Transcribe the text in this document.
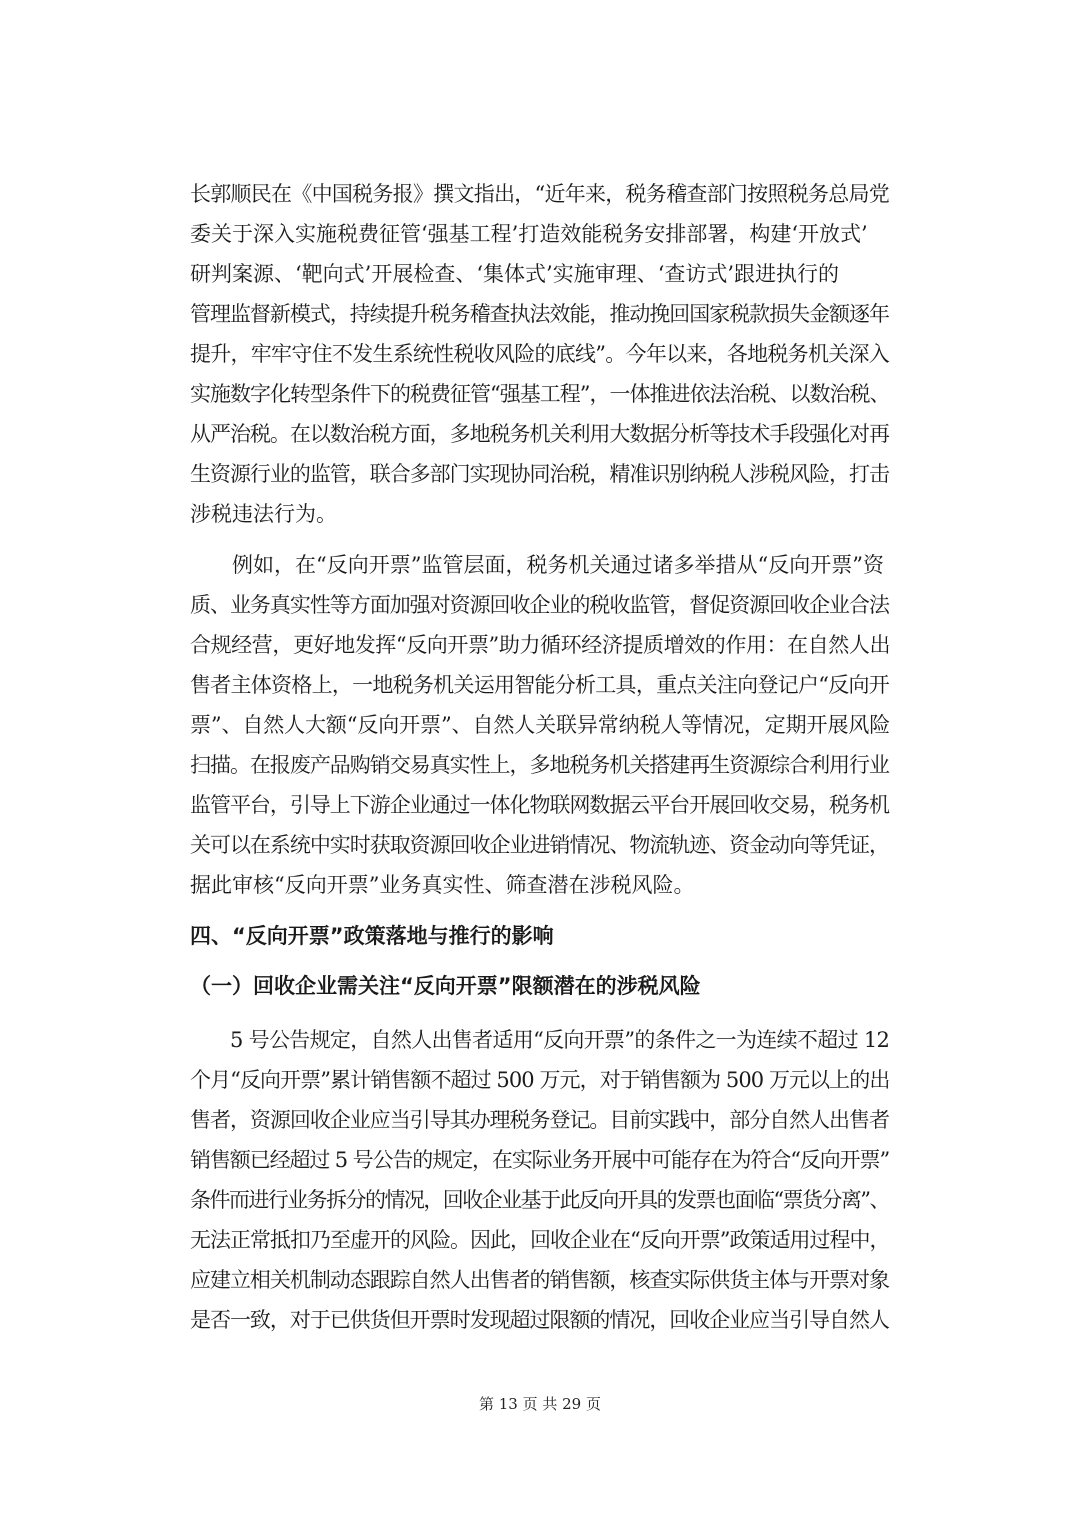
长郭顺民在《中国税务报》撰文指出，“近年来，税务稽查部门按照税务总局党
委关于深入实施税费征管‘强基工程’打造效能税务安排部署，构建‘开放式’
研判案源、‘靶向式’开展检查、‘集体式’实施审理、‘查访式’跟进执行的
管理监督新模式，持续提升税务稽查执法效能，推动挽回国家税款损失金额逐年
提升，牢牢守住不发生系统性税收风险的底线”。今年以来，各地税务机关深入
实施数字化转型条件下的税费征管“强基工程”，一体推进依法治税、以数治税、
从严治税。在以数治税方面，多地税务机关利用大数据分析等技术手段强化对再
生资源行业的监管，联合多部门实现协同治税，精准识别纳税人涉税风险，打击
涉税违法行为。
例如，在“反向开票”监管层面，税务机关通过诸多举措从“反向开票”资
质、业务真实性等方面加强对资源回收企业的税收监管，督促资源回收企业合法
合规经营，更好地发挥“反向开票”助力循环经济提质增效的作用：在自然人出
售者主体资格上，一地税务机关运用智能分析工具，重点关注向登记户“反向开
票”、自然人大额“反向开票”、自然人关联异常纳税人等情况，定期开展风险
扫描。在报废产品购销交易真实性上，多地税务机关搭建再生资源综合利用行业
监管平台，引导上下游企业通过一体化物联网数据云平台开展回收交易，税务机
关可以在系统中实时获取资源回收企业进销情况、物流轨迹、资金动向等凭证，
据此审核“反向开票”业务真实性、筛查潜在涉税风险。
四、“反向开票”政策落地与推行的影响
（一）回收企业需关注“反向开票”限额潜在的涉税风险
5 号公告规定，自然人出售者适用“反向开票”的条件之一为连续不超过 12
个月“反向开票”累计销售额不超过 500 万元，对于销售额为 500 万元以上的出
售者，资源回收企业应当引导其办理税务登记。目前实践中，部分自然人出售者
销售额已经超过 5 号公告的规定，在实际业务开展中可能存在为符合“反向开票”
条件而进行业务拆分的情况，回收企业基于此反向开具的发票也面临“票货分离”、
无法正常抵扣乃至虚开的风险。因此，回收企业在“反向开票”政策适用过程中，
应建立相关机制动态跟踪自然人出售者的销售额，核查实际供货主体与开票对象
是否一致，对于已供货但开票时发现超过限额的情况，回收企业应当引导自然人
第 13 页 共 29 页
